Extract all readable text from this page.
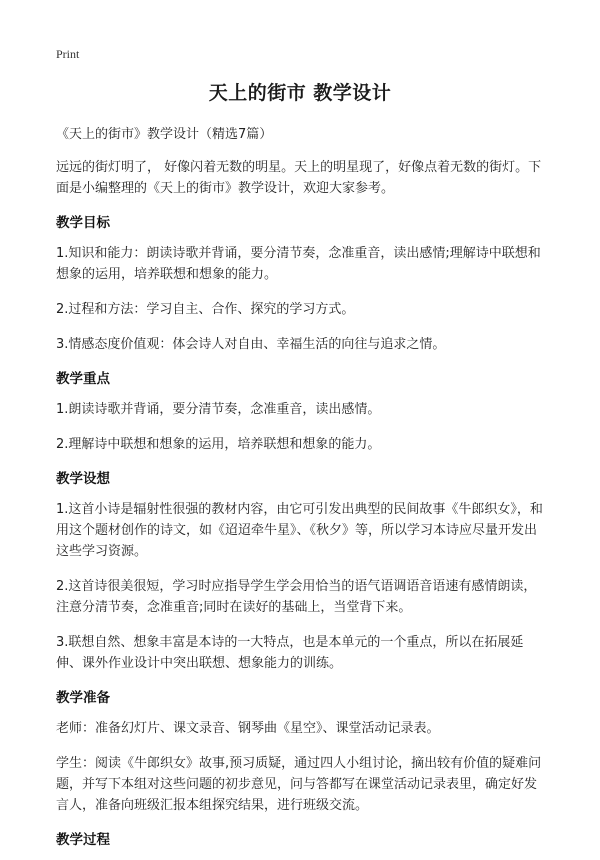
Print
天上的街市 教学设计

《天上的街市》教学设计（精选7篇）

远远的街灯明了， 好像闪着无数的明星。天上的明星现了，好像点着无数的街灯。下面是小编整理的《天上的街市》教学设计，欢迎大家参考。

教学目标

1.知识和能力：朗读诗歌并背诵，要分清节奏，念准重音，读出感情;理解诗中联想和想象的运用，培养联想和想象的能力。

2.过程和方法：学习自主、合作、探究的学习方式。

3.情感态度价值观：体会诗人对自由、幸福生活的向往与追求之情。

教学重点

1.朗读诗歌并背诵，要分清节奏，念准重音，读出感情。

2.理解诗中联想和想象的运用，培养联想和想象的能力。

教学设想

1.这首小诗是辐射性很强的教材内容，由它可引发出典型的民间故事《牛郎织女》，和用这个题材创作的诗文，如《迢迢牵牛星》、《秋夕》等，所以学习本诗应尽量开发出这些学习资源。

2.这首诗很美很短，学习时应指导学生学会用恰当的语气语调语音语速有感情朗读，注意分清节奏，念准重音;同时在读好的基础上，当堂背下来。

3.联想自然、想象丰富是本诗的一大特点，也是本单元的一个重点，所以在拓展延伸、课外作业设计中突出联想、想象能力的训练。

教学准备

老师：准备幻灯片、课文录音、钢琴曲《星空》、课堂活动记录表。

学生：阅读《牛郎织女》故事,预习质疑，通过四人小组讨论，摘出较有价值的疑难问题，并写下本组对这些问题的初步意见，问与答都写在课堂活动记录表里，确定好发言人，准备向班级汇报本组探究结果，进行班级交流。

教学过程
